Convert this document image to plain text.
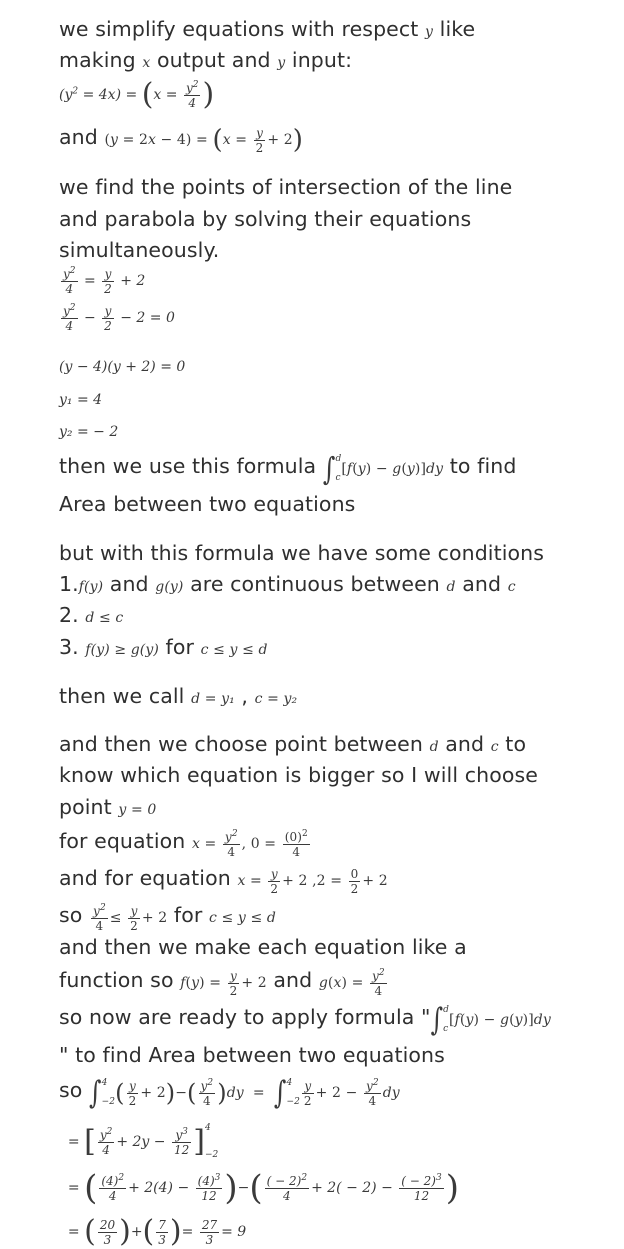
we simplify equations with respect y like
making x output and y input:
$(y^2 = 4x) = (x = \frac{y^2}{4}$ )
and $(y = 2x - 4) = (x = \frac{y}{2} + 2)$
we find the points of intersection of the line
and parabola by solving their equations
simultaneously.
$\frac{y^2}{4} = \frac{y}{2} + 2$
$\frac{y^2}{4} - \frac{y}{2} - 2 = 0$
(y − 4)(y + 2) = 0
y₁ = 4
y₂ = − 2
then we use this formula ∫ d
c
[f(y) − g(y)]dy to find
Area between two equations
but with this formula we have some conditions
1.f(y) and g(y) are continuous between d and c
2. d ≤ c
3. f(y) ≥ g(y) for c ≤ y ≤ d
then we call d = y₁ , c = y₂
and then we choose point between d and c to
know which equation is bigger so I will choose
point y = 0
for equation $x = \frac{y^2}{4}$ , $0 = \frac{(0)^2}{4}$
and for equation $x = \frac{y}{2} + 2$ $,2 = \frac{0}{2} + 2$
so $\frac{y^2}{4} \le \frac{y}{2} + 2$ for c ≤ y ≤ d
and then we make each equation like a
function so $f(y) = \frac{y}{2} + 2$ and $g(x) = \frac{y^2}{4}$
so now are ready to apply formula "∫ d
c
[f(y) − g(y)]dy
" to find Area between two equations
so ∫ 4
−2 ( $\frac{y}{2} + 2)-( \frac{y^2}{4} )dy$  =  ∫ 4
$-2 \frac{y}{2} + 2 - \frac{y^2}{4}$ dy
= [ $\frac{y^2}{4} + 2y - \frac{y^3}{12}$ ] 4
−2
= ( $\frac{(4)^2}{4} + 2(4) - \frac{(4)^3}{12}$ )−( $\frac{( - 2)^2}{4} + 2( - 2) - \frac{( - 2)^3}{12}$ )
= ( $\frac{20}{3}$ )+( $\frac{7}{3}$ )= $\frac{27}{3} = 9$
